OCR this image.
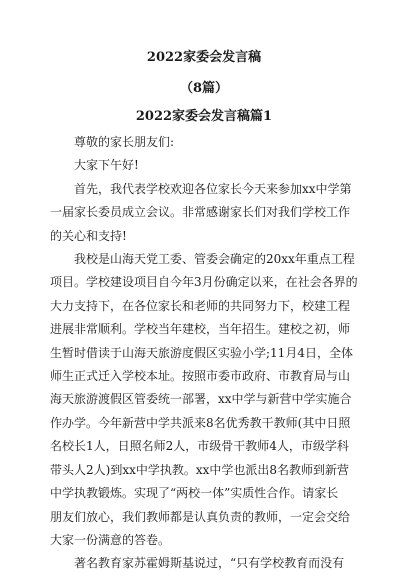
2022家委会发言稿

（8篇）

2022家委会发言稿篇1

尊敬的家长朋友们:
大家下午好!
首先，我代表学校欢迎各位家长今天来参加xx中学第
一届家长委员成立会议。非常感谢家长们对我们学校工作
的关心和支持!
我校是山海天党工委、管委会确定的20xx年重点工程
项目。学校建设项目自今年3月份确定以来，在社会各界的
大力支持下，在各位家长和老师的共同努力下，校建工程
进展非常顺利。学校当年建校，当年招生。建校之初，师
生暂时借读于山海天旅游度假区实验小学;11月4日，全体
师生正式迁入学校本址。按照市委市政府、市教育局与山
海天旅游渡假区管委统一部署，xx中学与新营中学实施合
作办学。今年新营中学共派来8名优秀教干教师(其中日照
名校长1人，日照名师2人，市级骨干教师4人，市级学科
带头人2人)到xx中学执教。xx中学也派出8名教师到新营
中学执教锻炼。实现了“两校一体”实质性合作。请家长
朋友们放心，我们教师都是认真负责的教师，一定会交给
大家一份满意的答卷。
著名教育家苏霍姆斯基说过，“只有学校教育而没有
